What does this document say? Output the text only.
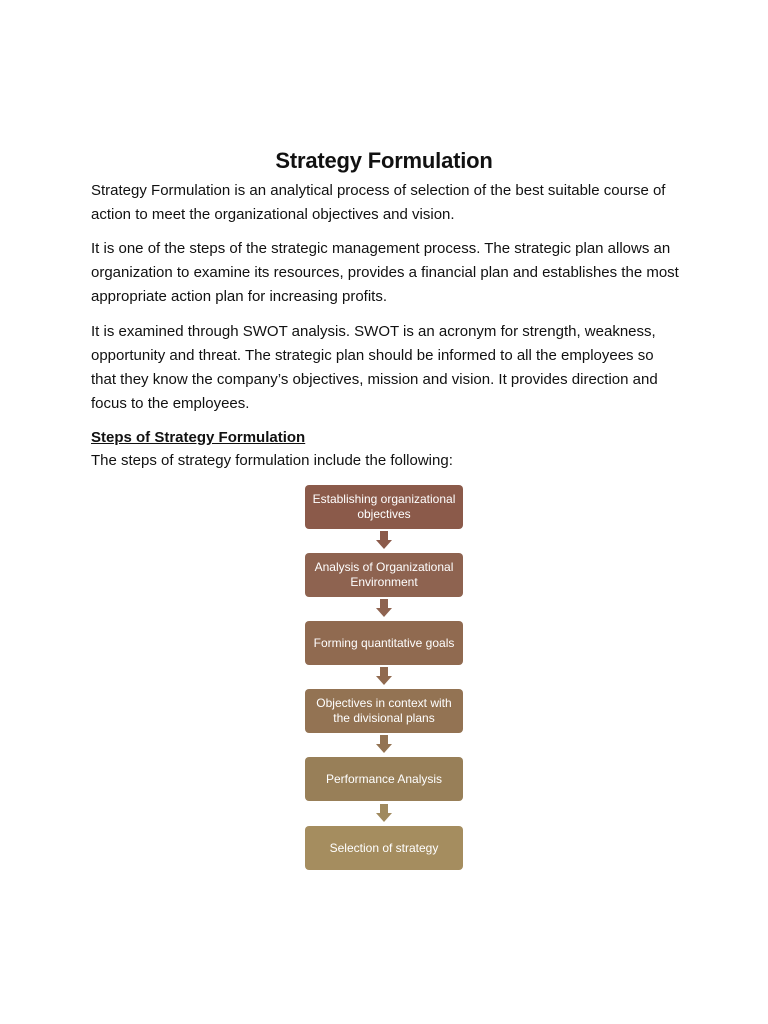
Strategy Formulation

Strategy Formulation is an analytical process of selection of the best suitable course of action to meet the organizational objectives and vision.

It is one of the steps of the strategic management process. The strategic plan allows an organization to examine its resources, provides a financial plan and establishes the most appropriate action plan for increasing profits.

It is examined through SWOT analysis. SWOT is an acronym for strength, weakness, opportunity and threat. The strategic plan should be informed to all the employees so that they know the company’s objectives, mission and vision. It provides direction and focus to the employees.

Steps of Strategy Formulation
The steps of strategy formulation include the following:
Establishing organizational objectives
Analysis of Organizational Environment
Forming quantitative goals
Objectives in context with the divisional plans
Performance Analysis
Selection of strategy
